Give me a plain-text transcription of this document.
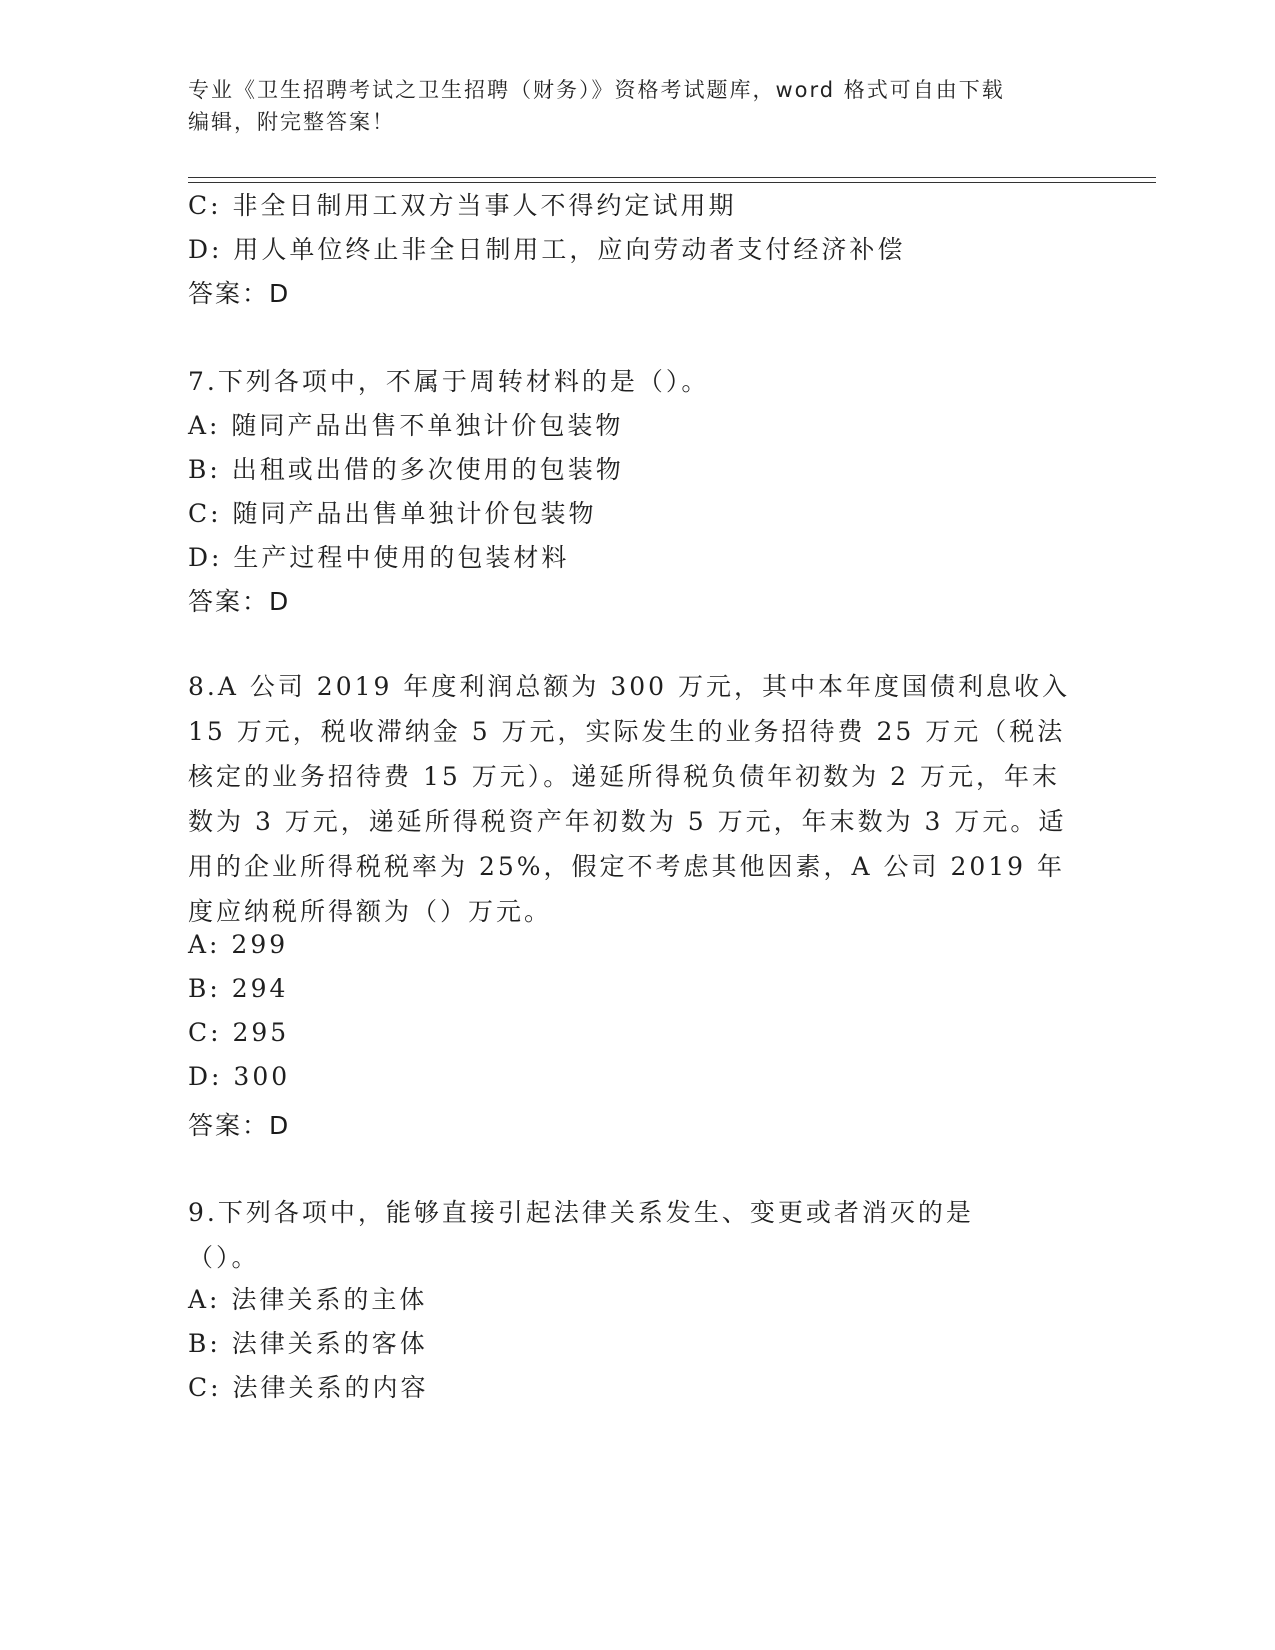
专业《卫生招聘考试之卫生招聘（财务）》资格考试题库，word 格式可自由下载
编辑，附完整答案！
C: 非全日制用工双方当事人不得约定试用期
D: 用人单位终止非全日制用工，应向劳动者支付经济补偿
答案：D
7.下列各项中，不属于周转材料的是（）。
A: 随同产品出售不单独计价包装物
B: 出租或出借的多次使用的包装物
C: 随同产品出售单独计价包装物
D: 生产过程中使用的包装材料
答案：D
8.A 公司 2019 年度利润总额为 300 万元，其中本年度国债利息收入 15 万元，税收滞纳金 5 万元，实际发生的业务招待费 25 万元（税法核定的业务招待费 15 万元）。递延所得税负债年初数为 2 万元，年末数为 3 万元，递延所得税资产年初数为 5 万元，年末数为 3 万元。适用的企业所得税税率为 25%，假定不考虑其他因素，A 公司 2019 年度应纳税所得额为（）万元。
A: 299
B: 294
C: 295
D: 300
答案：D
9.下列各项中，能够直接引起法律关系发生、变更或者消灭的是（）。
A: 法律关系的主体
B: 法律关系的客体
C: 法律关系的内容
